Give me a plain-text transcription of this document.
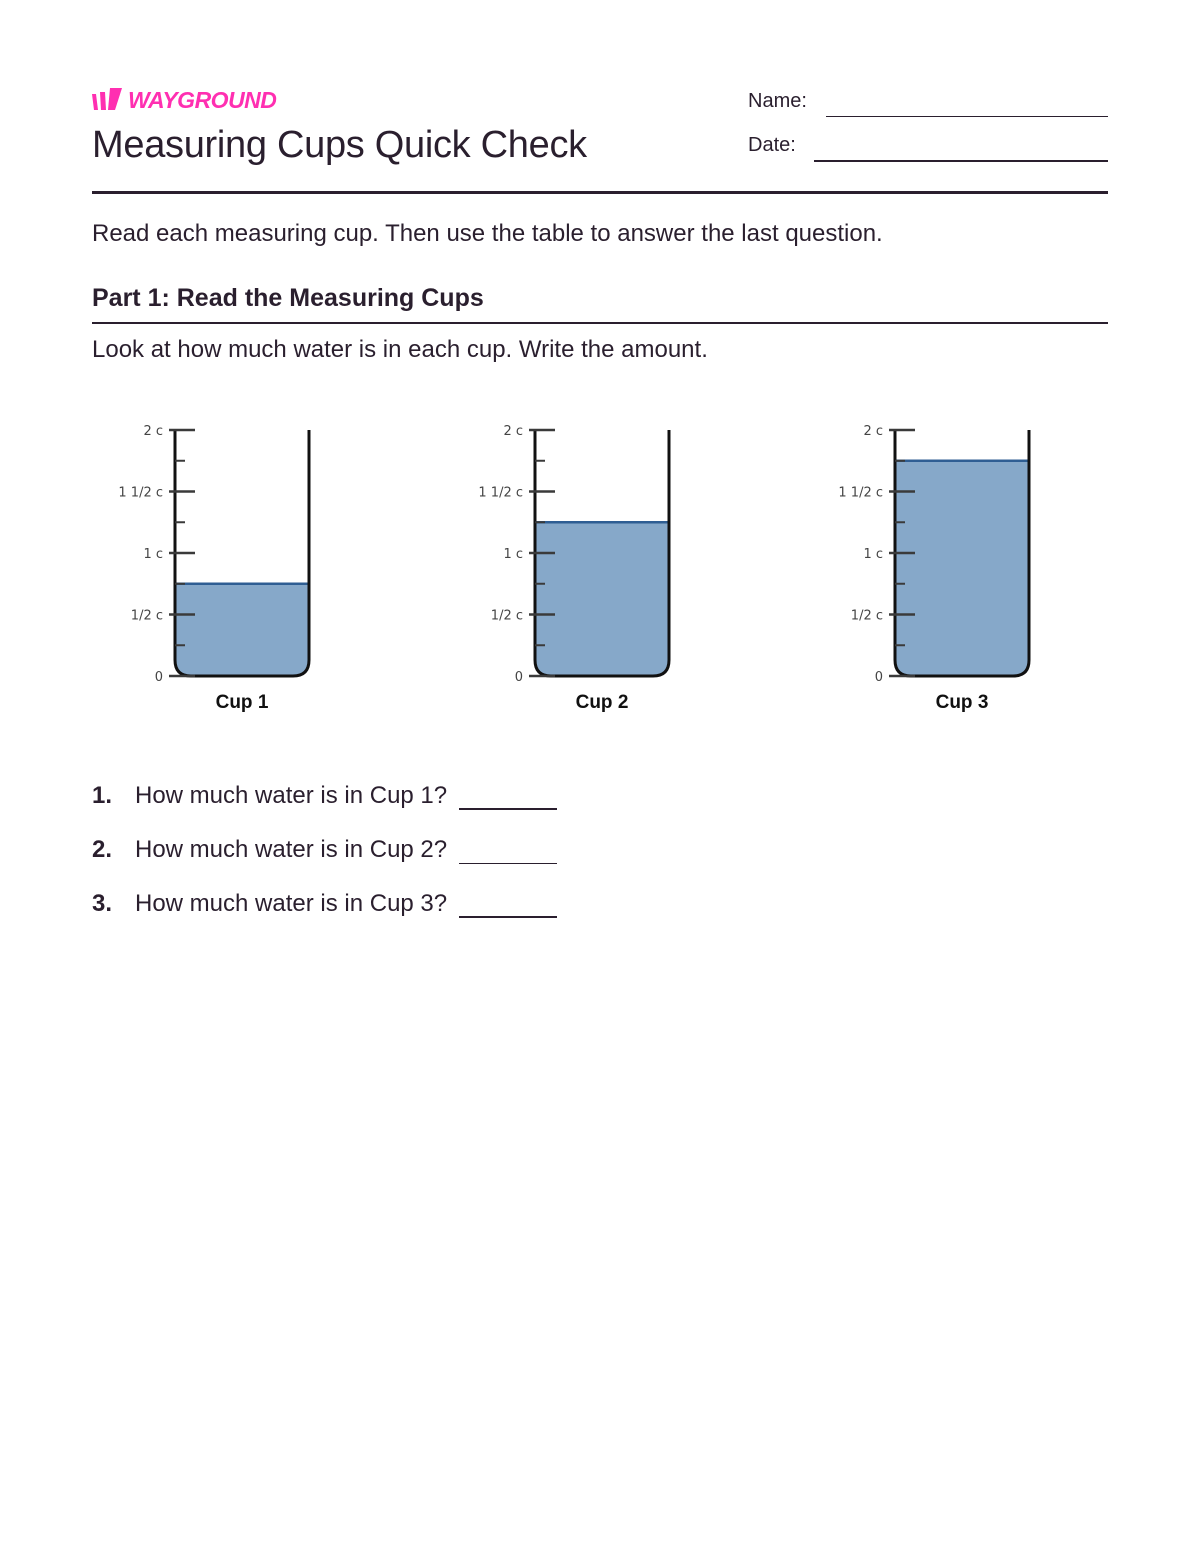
WAYGROUND
Measuring Cups Quick Check
Name:
Date:
Read each measuring cup. Then use the table to answer the last question.
Part 1: Read the Measuring Cups
Look at how much water is in each cup. Write the amount.
2 c
1 1/2 c
1 c
1/2 c
0
Cup 1
2 c
1 1/2 c
1 c
1/2 c
0
Cup 2
2 c
1 1/2 c
1 c
1/2 c
0
Cup 3
1. How much water is in Cup 1?
2. How much water is in Cup 2?
3. How much water is in Cup 3?
